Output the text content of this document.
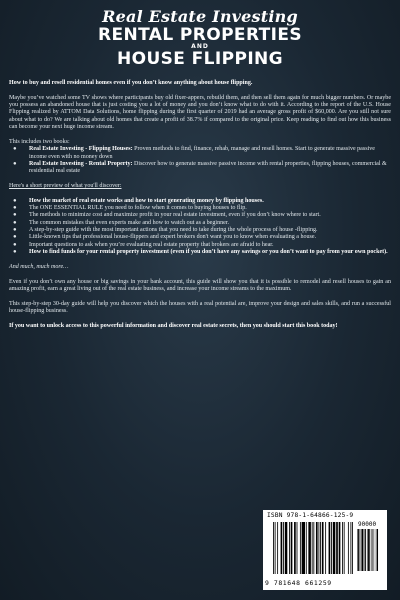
Real Estate Investing
RENTAL PROPERTIES
AND
HOUSE FLIPPING

How to buy and resell residential homes even if you don’t know anything about house flipping.

Maybe you’ve watched some TV shows where participants buy old fixer-appers, rebuild them, and then sell them again for much bigger numbers. Or maybe you possess an abandoned house that is just costing you a lot of money and you don’t know what to do with it. According to the report of the U.S. House Flipping realized by ATTOM Data Solutions, home flipping during the first quarter of 2019 had an average gross profit of $60,000. Are you still not sure about what to do? We are talking about old homes that create a profit of 38.7% if compared to the original price. Keep reading to find out how this business can become your next huge income stream.

This includes two books:

● Real Estate Investing - Flipping Houses: Proven methods to find, finance, rehab, manage and resell homes. Start to generate massive passive income even with no money down
● Real Estate Investing - Rental Property: Discover how to generate massive passive income with rental properties, flipping houses, commercial & residential real estate

Here's a short preview of what you'll discover:

● How the market of real estate works and how to start generating money by flipping houses.
● The ONE ESSENTIAL RULE you need to follow when it comes to buying houses to flip.
● The methods to minimize cost and maximize profit in your real estate investment, even if you don’t know where to start.
● The common mistakes that even experts make and how to watch out as a beginner.
● A step-by-step guide with the most important actions that you need to take during the whole process of house -flipping.
● Little-known tips that professional house-flippers and expert brokers don't want you to know when evaluating a house.
● Important questions to ask when you’re evaluating real estate property that brokers are afraid to hear.
● How to find funds for your rental property investment (even if you don’t have any savings or you don’t want to pay from your own pocket).

And much, much more…

Even if you don’t own any house or big savings in your bank account, this guide will show you that it is possible to remodel and resell houses to gain an amazing profit, earn a great living out of the real estate business, and increase your income streams to the maximum.

This step-by-step 30-day guide will help you discover which the houses with a real potential are, improve your design and sales skills, and run a successful house-flipping business.

If you want to unlock access to this powerful information and discover real estate secrets, then you should start this book today!

ISBN 978-1-64866-125-9
90000
9 781648 661259
